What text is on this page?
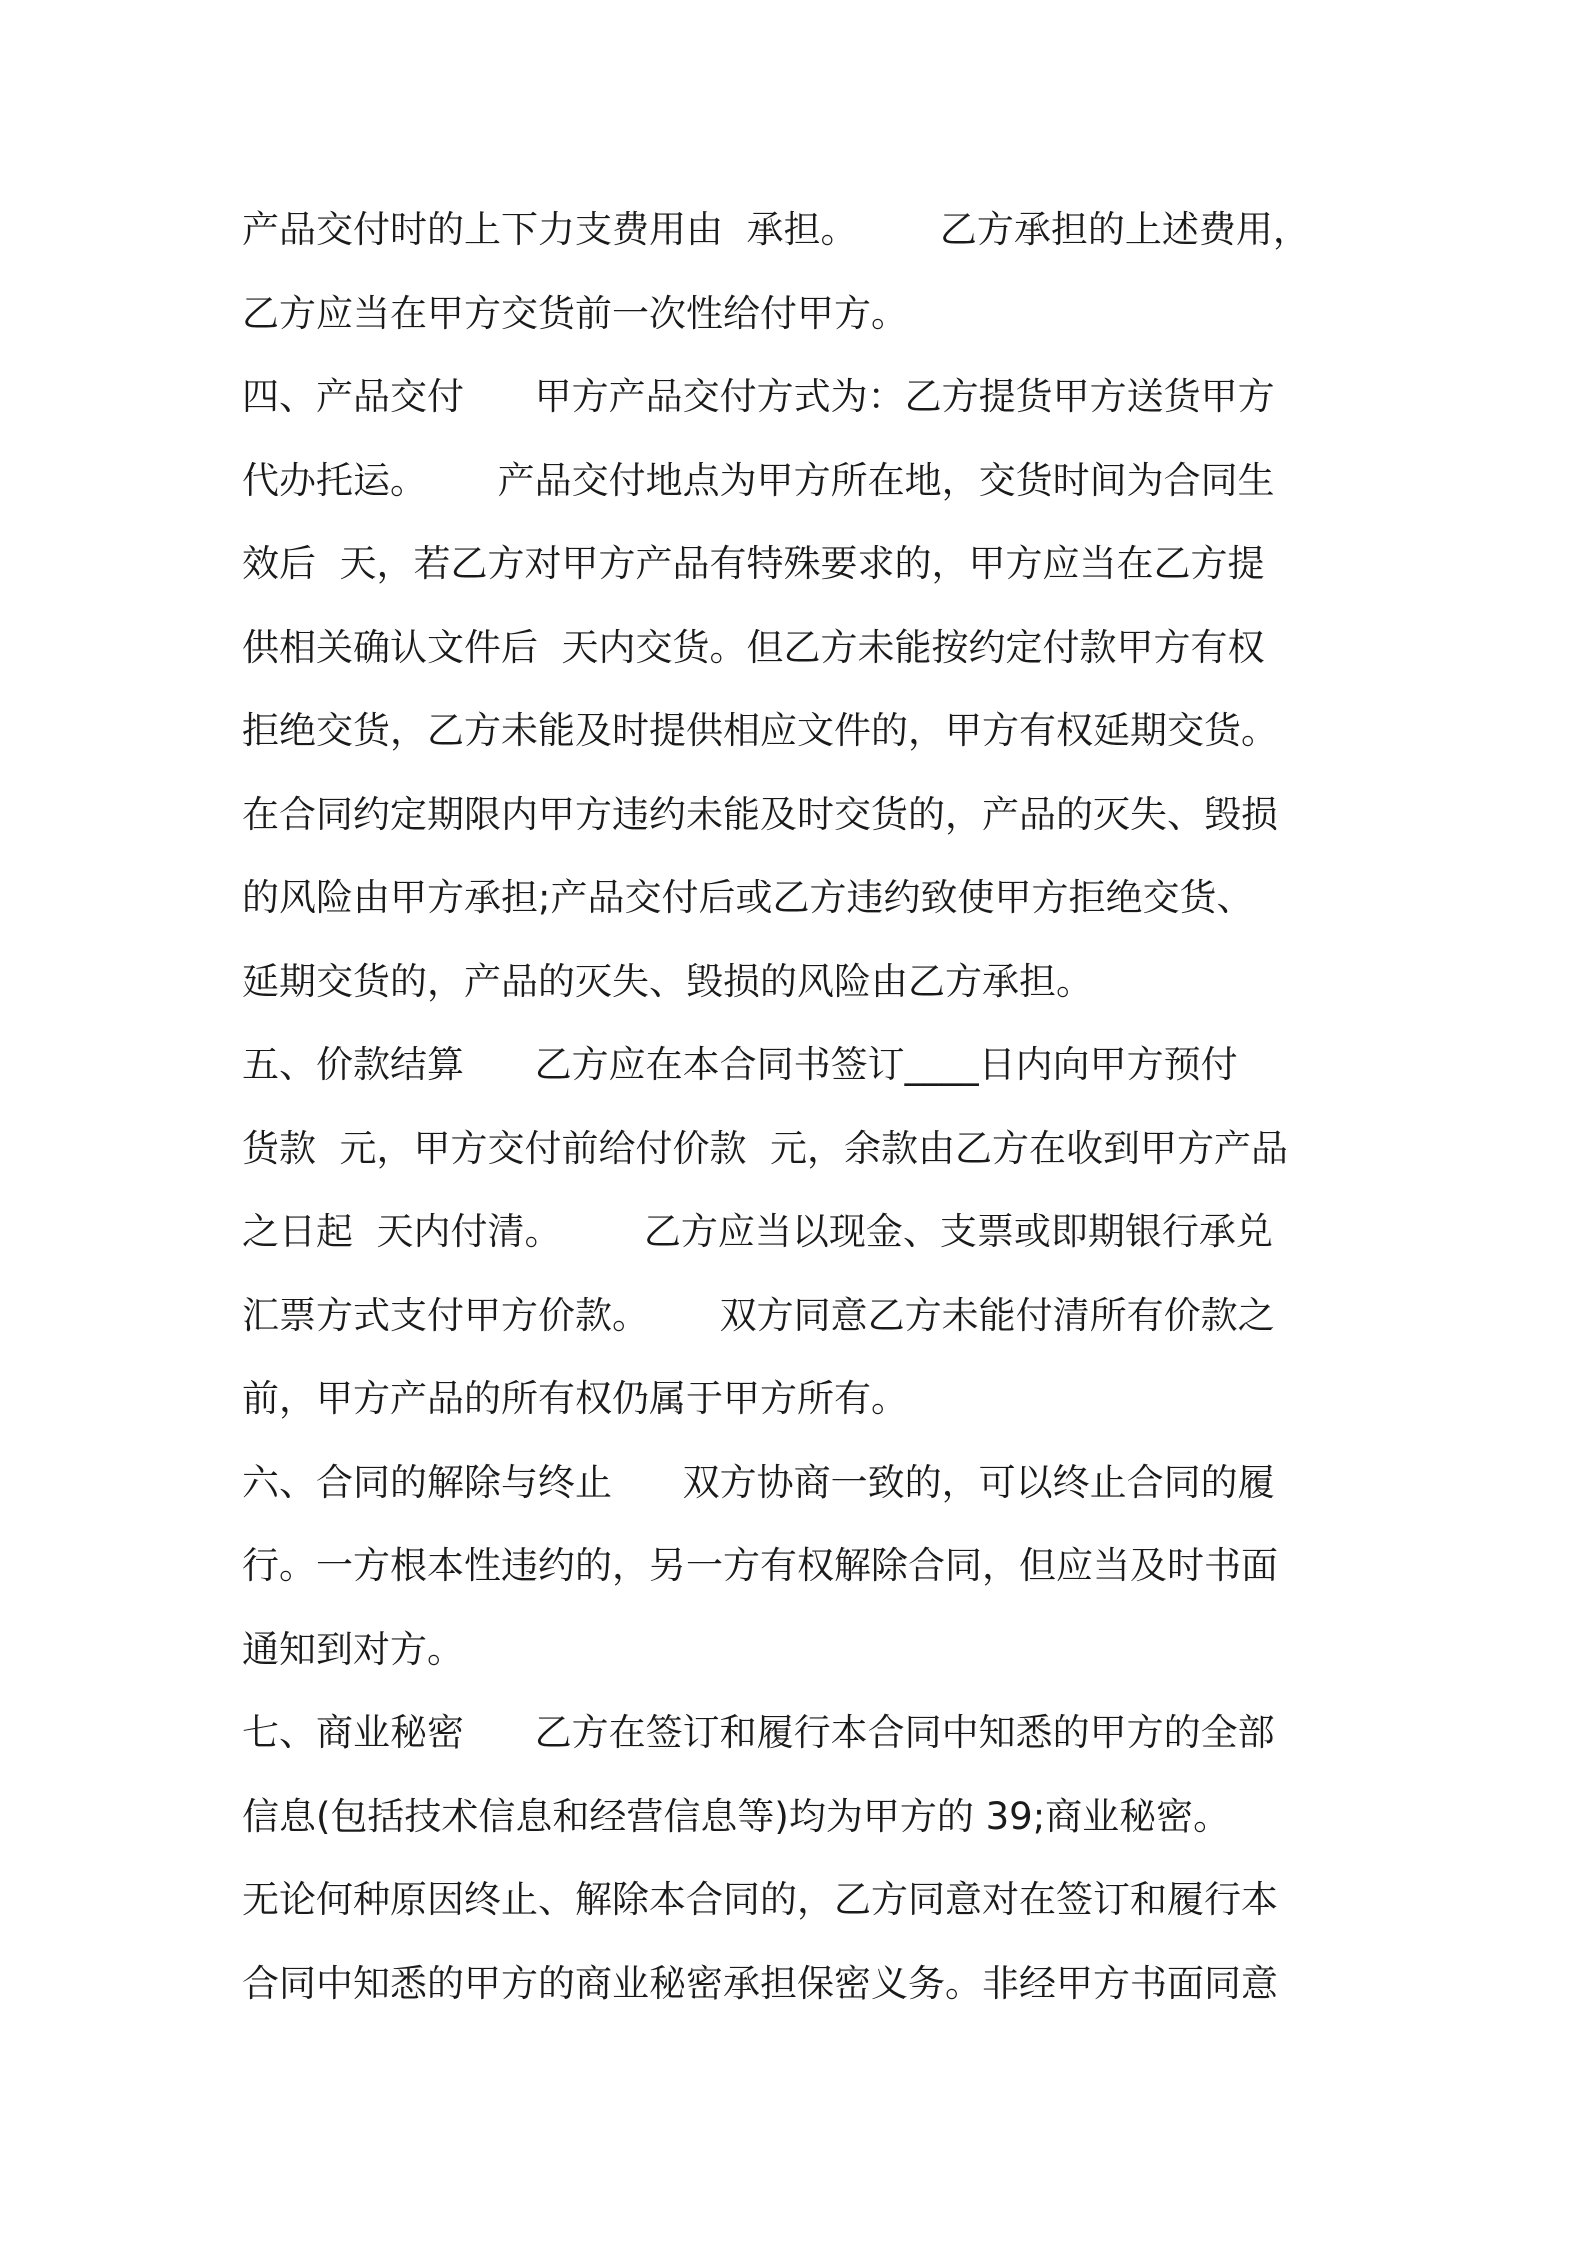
产品交付时的上下力支费用由  承担。       乙方承担的上述费用，
乙方应当在甲方交货前一次性给付甲方。
四、产品交付      甲方产品交付方式为：乙方提货甲方送货甲方
代办托运。      产品交付地点为甲方所在地，交货时间为合同生
效后  天，若乙方对甲方产品有特殊要求的，甲方应当在乙方提
供相关确认文件后  天内交货。但乙方未能按约定付款甲方有权
拒绝交货，乙方未能及时提供相应文件的，甲方有权延期交货。
在合同约定期限内甲方违约未能及时交货的，产品的灭失、毁损
的风险由甲方承担;产品交付后或乙方违约致使甲方拒绝交货、
延期交货的，产品的灭失、毁损的风险由乙方承担。
五、价款结算      乙方应在本合同书签订____日内向甲方预付
货款  元，甲方交付前给付价款  元，余款由乙方在收到甲方产品
之日起  天内付清。       乙方应当以现金、支票或即期银行承兑
汇票方式支付甲方价款。      双方同意乙方未能付清所有价款之
前，甲方产品的所有权仍属于甲方所有。
六、合同的解除与终止      双方协商一致的，可以终止合同的履
行。一方根本性违约的，另一方有权解除合同，但应当及时书面
通知到对方。
七、商业秘密      乙方在签订和履行本合同中知悉的甲方的全部
信息(包括技术信息和经营信息等)均为甲方的 39;商业秘密。
无论何种原因终止、解除本合同的，乙方同意对在签订和履行本
合同中知悉的甲方的商业秘密承担保密义务。非经甲方书面同意
